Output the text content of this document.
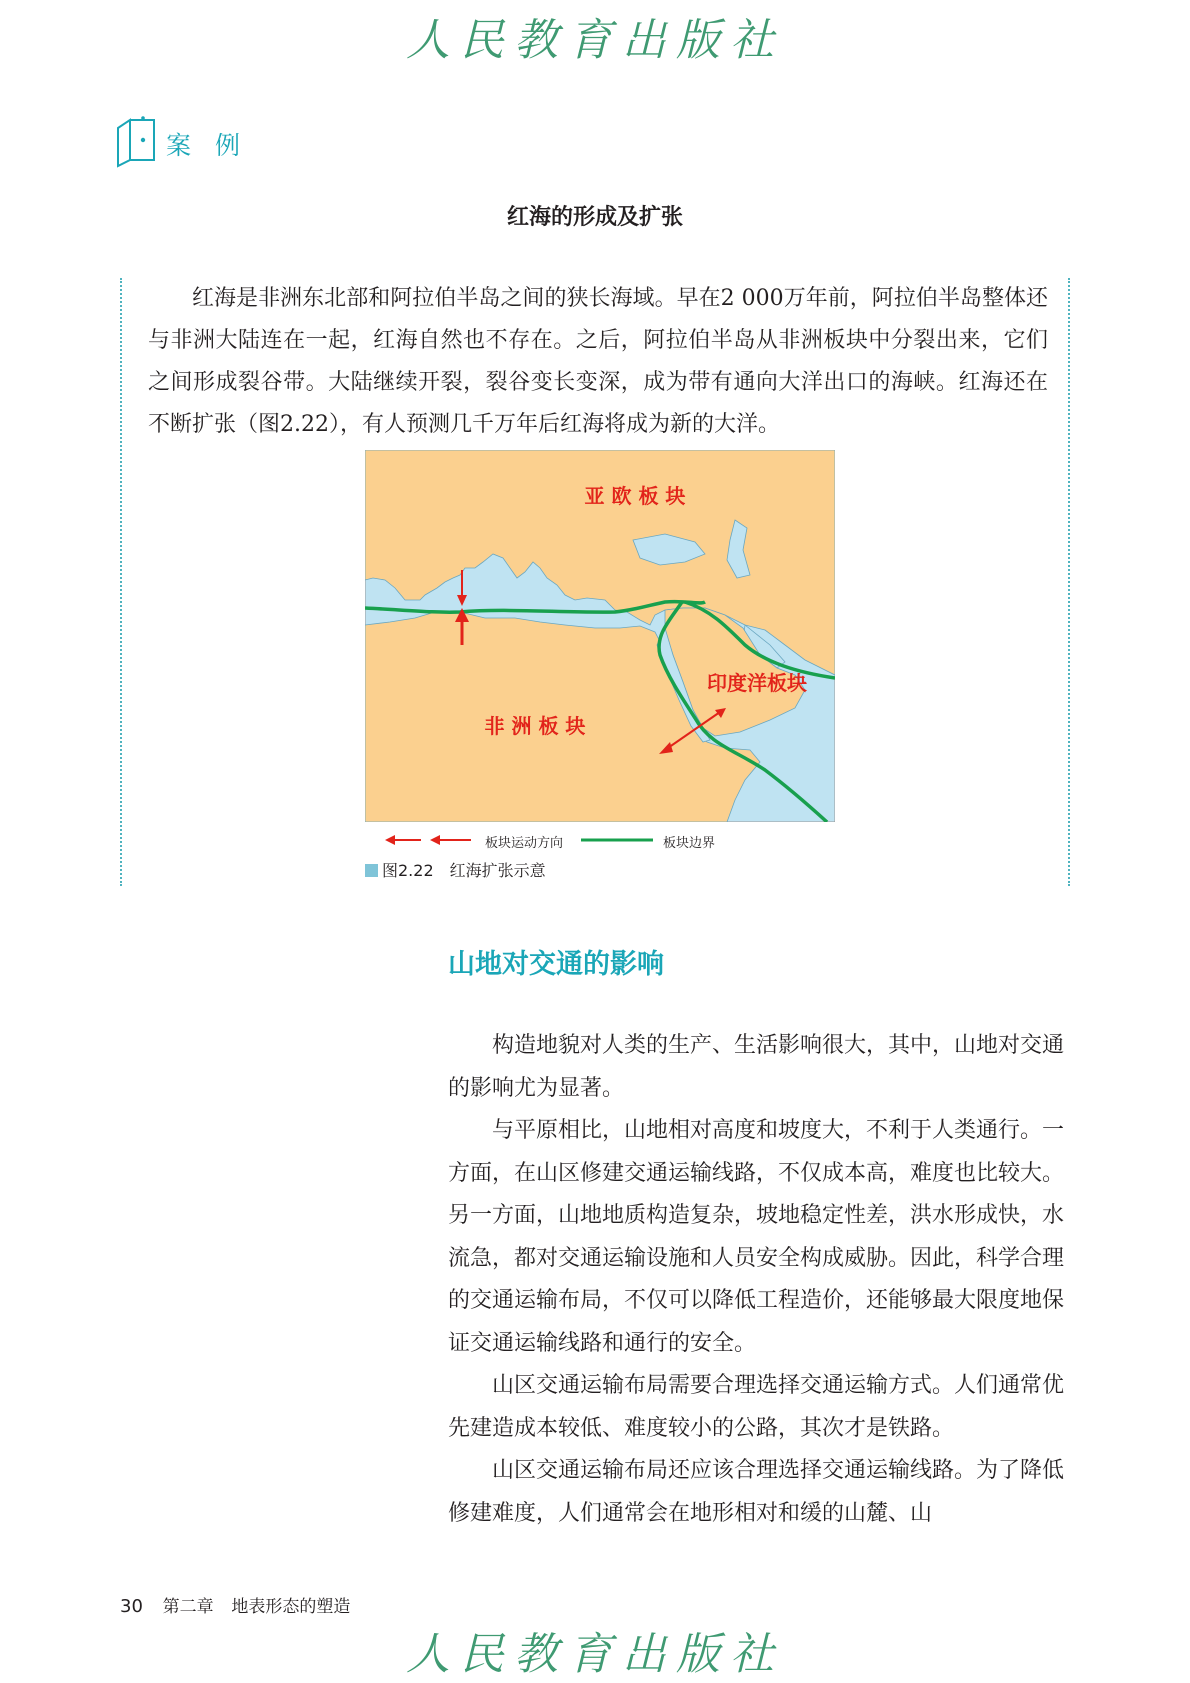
人民教育出版社
案 例
红海的形成及扩张

红海是非洲东北部和阿拉伯半岛之间的狭长海域。早在2 000万年前，阿拉伯半岛整体还与非洲大陆连在一起，红海自然也不存在。之后，阿拉伯半岛从非洲板块中分裂出来，它们之间形成裂谷带。大陆继续开裂，裂谷变长变深，成为带有通向大洋出口的海峡。红海还在不断扩张（图2.22），有人预测几千万年后红海将成为新的大洋。

亚 欧 板 块
非 洲 板 块
印度洋板块
板块运动方向	板块边界
图2.22 红海扩张示意
山地对交通的影响

构造地貌对人类的生产、生活影响很大，其中，山地对交通的影响尤为显著。

与平原相比，山地相对高度和坡度大，不利于人类通行。一方面，在山区修建交通运输线路，不仅成本高，难度也比较大。另一方面，山地地质构造复杂，坡地稳定性差，洪水形成快，水流急，都对交通运输设施和人员安全构成威胁。因此，科学合理的交通运输布局，不仅可以降低工程造价，还能够最大限度地保证交通运输线路和通行的安全。

山区交通运输布局需要合理选择交通运输方式。人们通常优先建造成本较低、难度较小的公路，其次才是铁路。

山区交通运输布局还应该合理选择交通运输线路。为了降低修建难度，人们通常会在地形相对和缓的山麓、山

30 第二章 地表形态的塑造
人民教育出版社
